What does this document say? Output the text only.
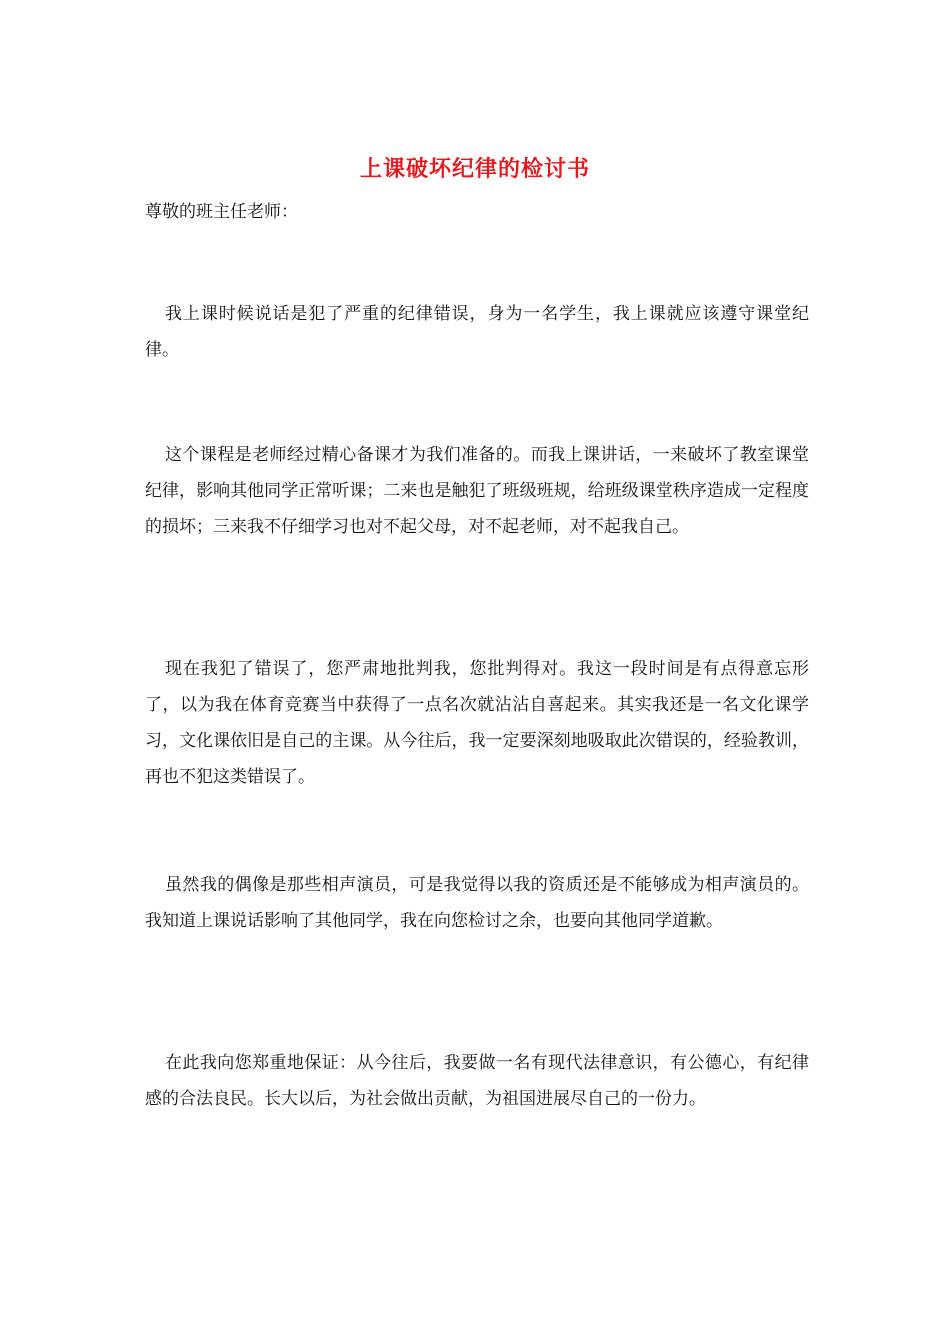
上课破坏纪律的检讨书
尊敬的班主任老师：
我上课时候说话是犯了严重的纪律错误，身为一名学生，我上课就应该遵守课堂纪律。
这个课程是老师经过精心备课才为我们准备的。而我上课讲话，一来破坏了教室课堂纪律，影响其他同学正常听课；二来也是触犯了班级班规，给班级课堂秩序造成一定程度的损坏；三来我不仔细学习也对不起父母，对不起老师，对不起我自己。
现在我犯了错误了，您严肃地批判我，您批判得对。我这一段时间是有点得意忘形了，以为我在体育竞赛当中获得了一点名次就沾沾自喜起来。其实我还是一名文化课学习，文化课依旧是自己的主课。从今往后，我一定要深刻地吸取此次错误的，经验教训，再也不犯这类错误了。
虽然我的偶像是那些相声演员，可是我觉得以我的资质还是不能够成为相声演员的。我知道上课说话影响了其他同学，我在向您检讨之余，也要向其他同学道歉。
在此我向您郑重地保证：从今往后，我要做一名有现代法律意识，有公德心，有纪律感的合法良民。长大以后，为社会做出贡献，为祖国进展尽自己的一份力。
